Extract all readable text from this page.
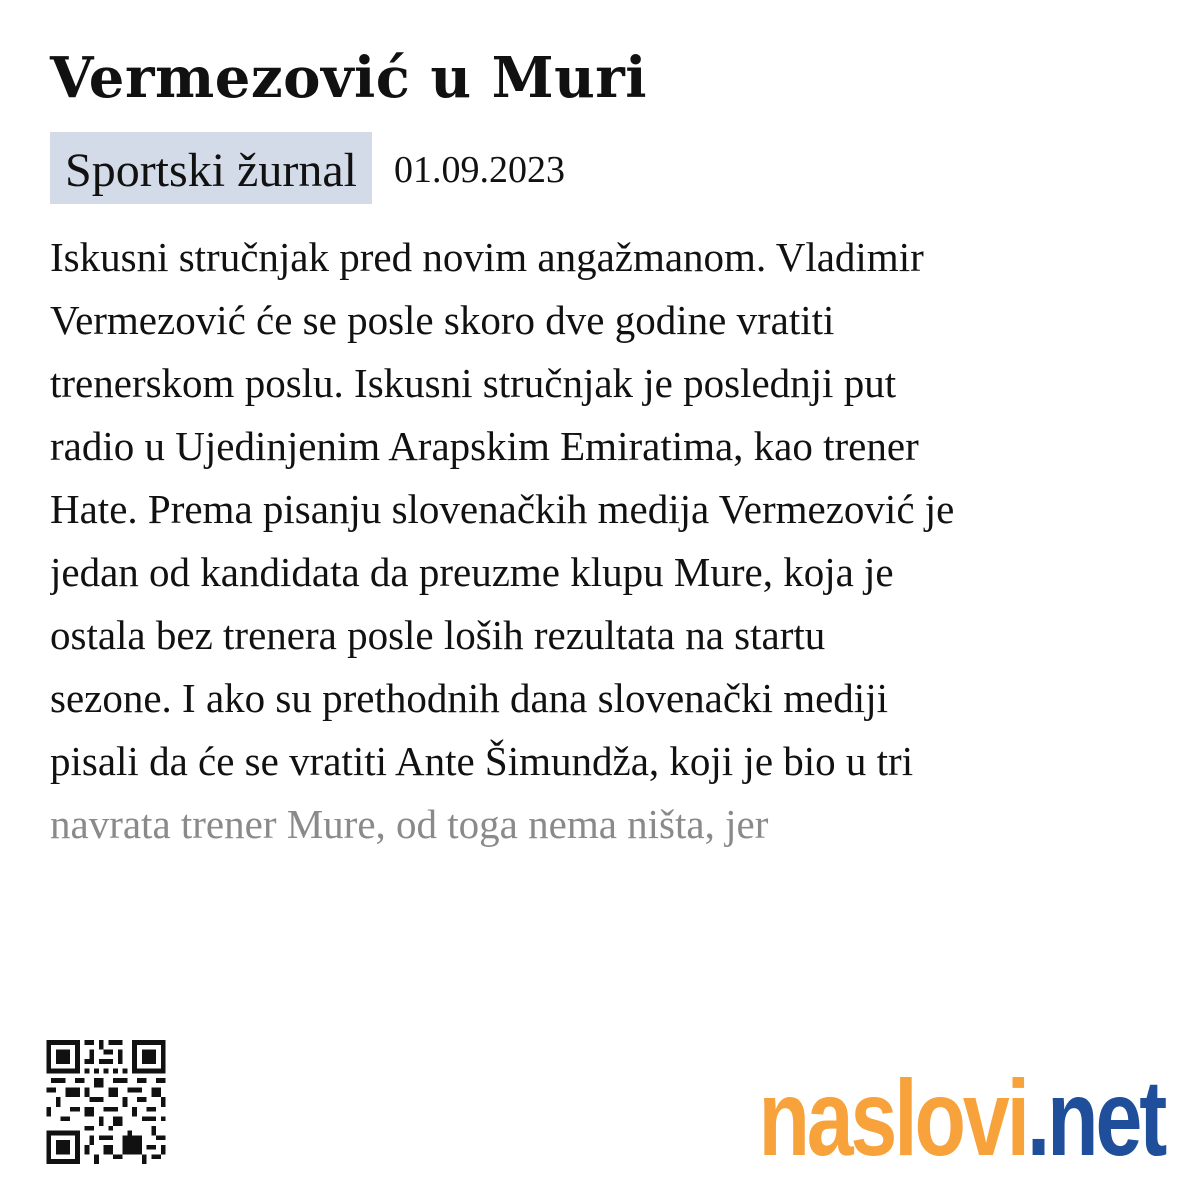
Vermezović u Muri
Sportski žurnal 01.09.2023
Iskusni stručnjak pred novim angažmanom. Vladimir
Vermezović će se posle skoro dve godine vratiti
trenerskom poslu. Iskusni stručnjak je poslednji put
radio u Ujedinjenim Arapskim Emiratima, kao trener
Hate. Prema pisanju slovenačkih medija Vermezović je
jedan od kandidata da preuzme klupu Mure, koja je
ostala bez trenera posle loših rezultata na startu
sezone. I ako su prethodnih dana slovenački mediji
pisali da će se vratiti Ante Šimundža, koji je bio u tri
navrata trener Mure, od toga nema ništa, jer
naslovi .net
